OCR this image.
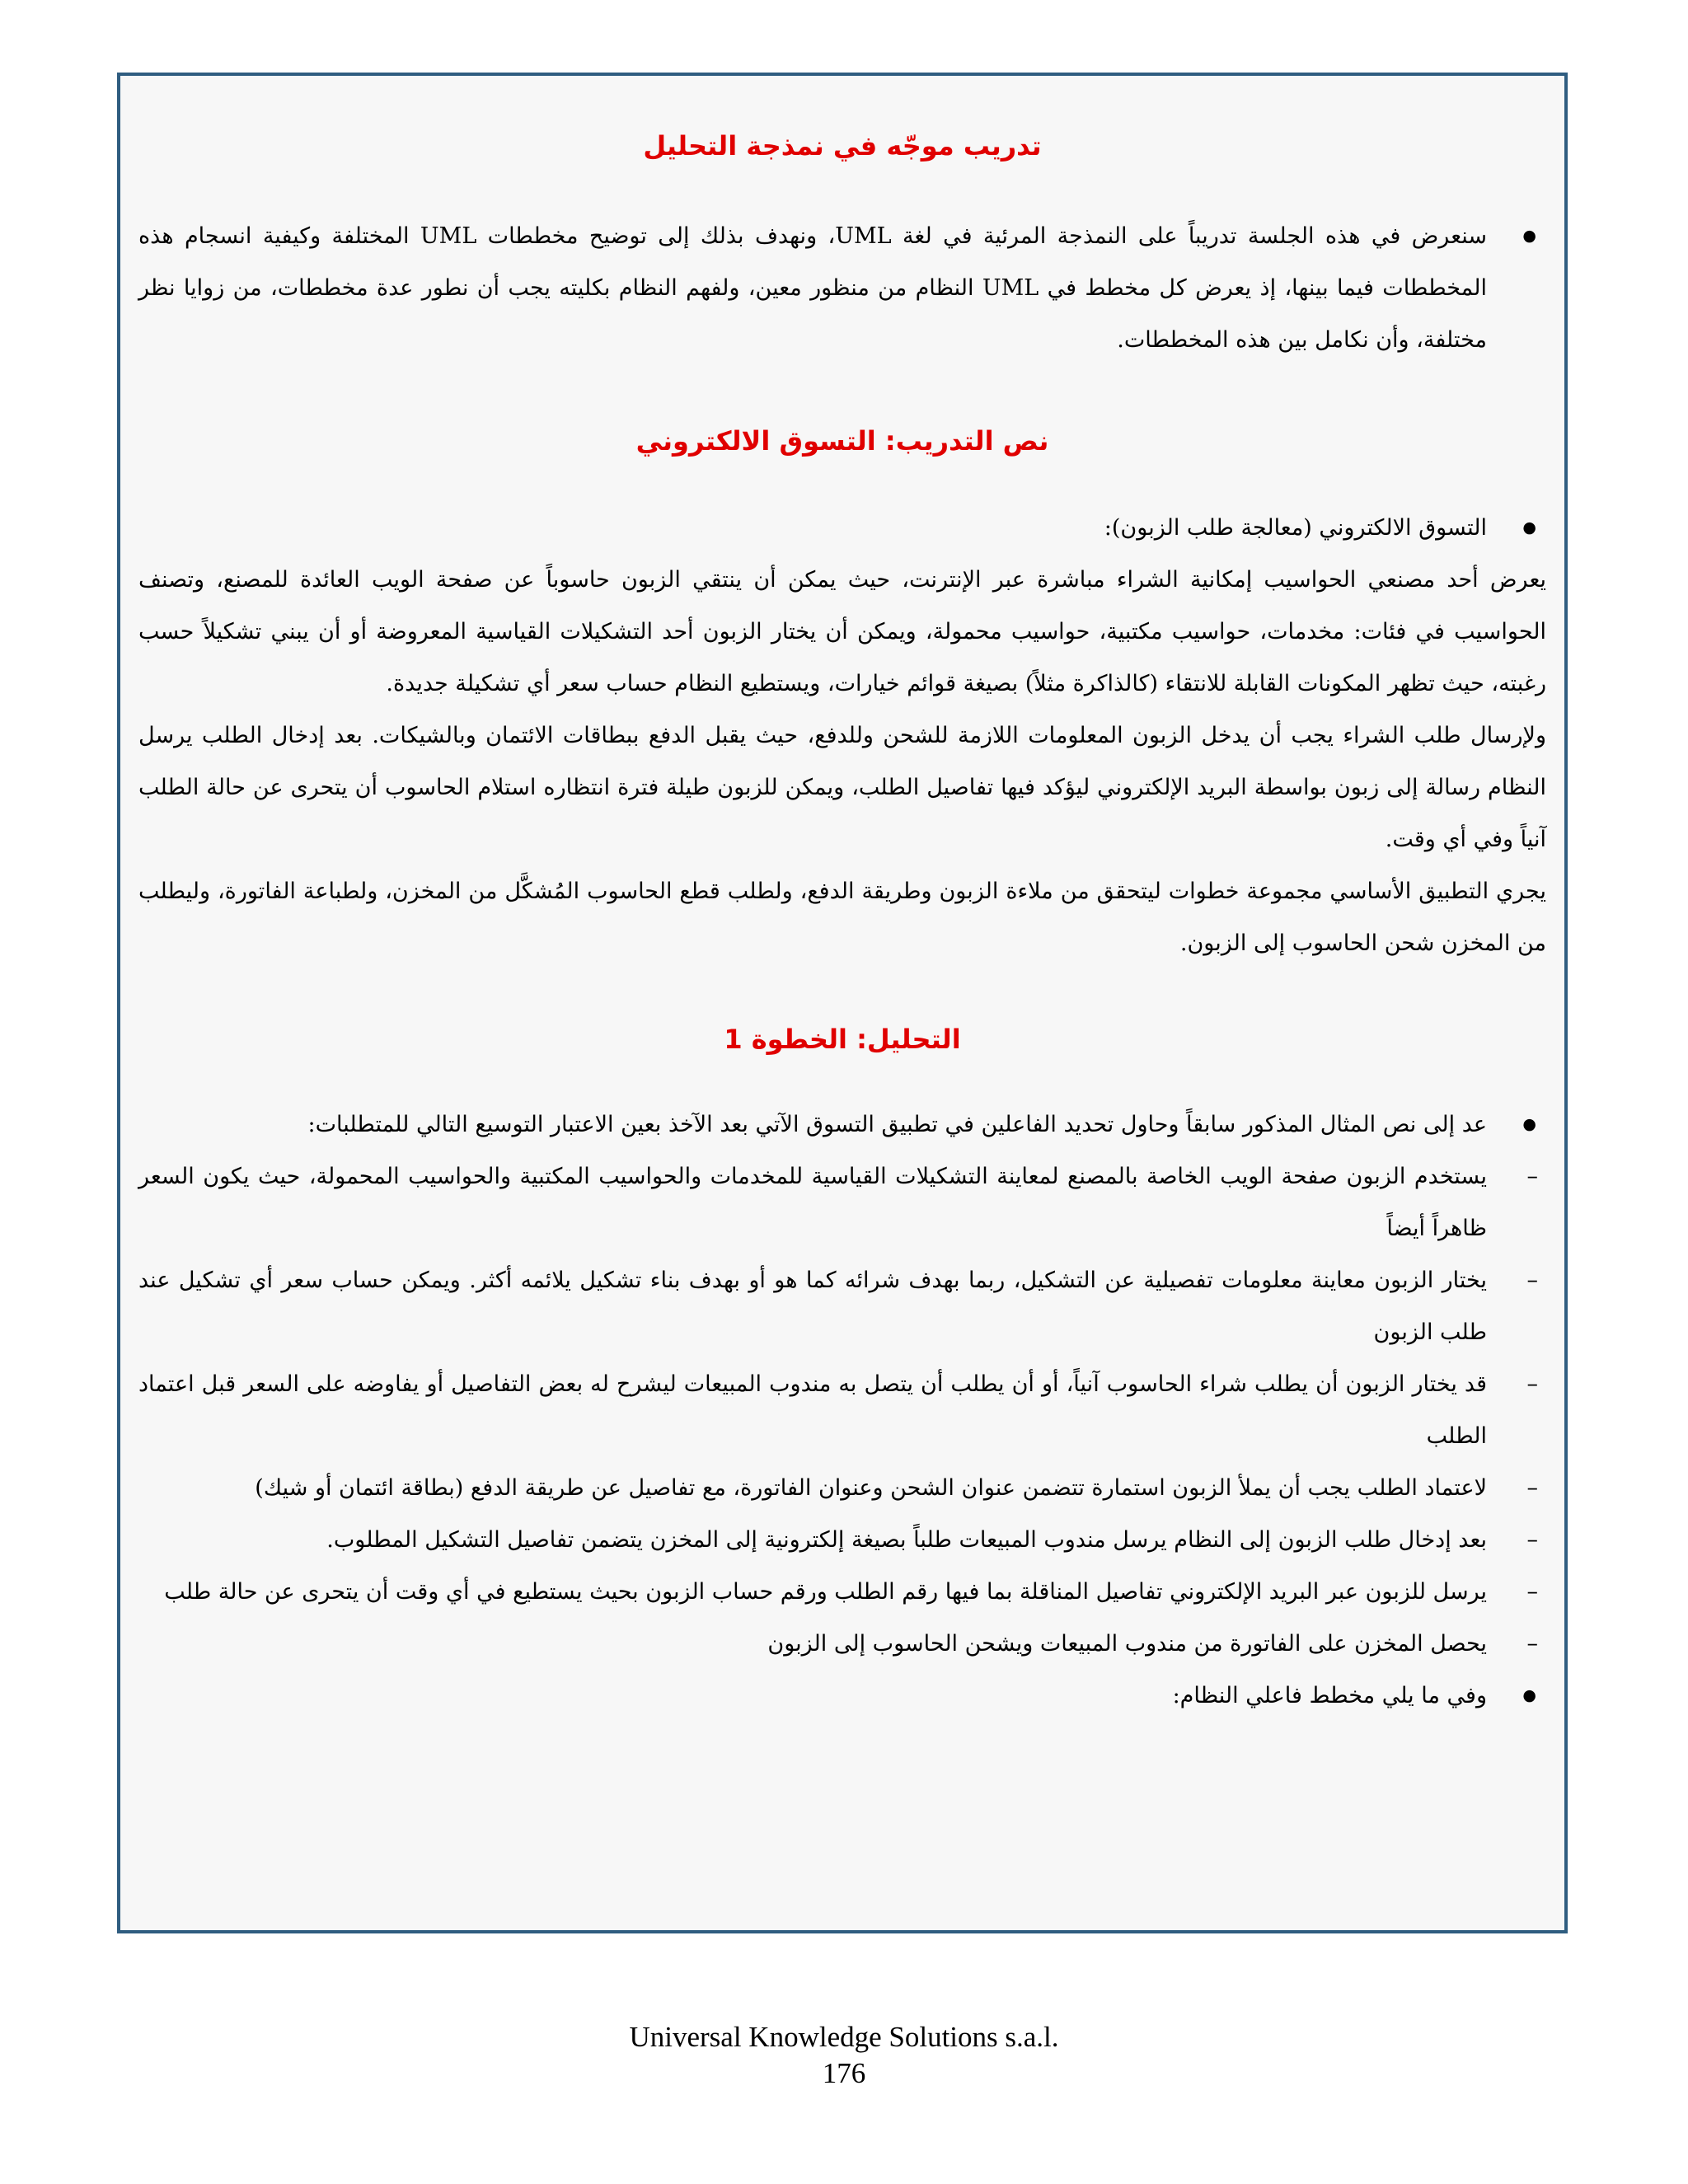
تدريب موجّه في نمذجة التحليل
● سنعرض في هذه الجلسة تدريباً على النمذجة المرئية في لغة UML، ونهدف بذلك إلى توضيح مخططات UML المختلفة وكيفية انسجام هذه المخططات فيما بينها، إذ يعرض كل مخطط في UML النظام من منظور معين، ولفهم النظام بكليته يجب أن نطور عدة مخططات، من زوايا نظر مختلفة، وأن نكامل بين هذه المخططات.
نص التدريب: التسوق الالكتروني
● التسوق الالكتروني (معالجة طلب الزبون):

يعرض أحد مصنعي الحواسيب إمكانية الشراء مباشرة عبر الإنترنت، حيث يمكن أن ينتقي الزبون حاسوباً عن صفحة الويب العائدة للمصنع، وتصنف الحواسيب في فئات: مخدمات، حواسيب مكتبية، حواسيب محمولة، ويمكن أن يختار الزبون أحد التشكيلات القياسية المعروضة أو أن يبني تشكيلاً حسب رغبته، حيث تظهر المكونات القابلة للانتقاء (كالذاكرة مثلاً) بصيغة قوائم خيارات، ويستطيع النظام حساب سعر أي تشكيلة جديدة.

ولإرسال طلب الشراء يجب أن يدخل الزبون المعلومات اللازمة للشحن وللدفع، حيث يقبل الدفع ببطاقات الائتمان وبالشيكات. بعد إدخال الطلب يرسل النظام رسالة إلى زبون بواسطة البريد الإلكتروني ليؤكد فيها تفاصيل الطلب، ويمكن للزبون طيلة فترة انتظاره استلام الحاسوب أن يتحرى عن حالة الطلب آنياً وفي أي وقت.

يجري التطبيق الأساسي مجموعة خطوات ليتحقق من ملاءة الزبون وطريقة الدفع، ولطلب قطع الحاسوب المُشكَّل من المخزن، ولطباعة الفاتورة، وليطلب من المخزن شحن الحاسوب إلى الزبون.

التحليل: الخطوة 1
● عد إلى نص المثال المذكور سابقاً وحاول تحديد الفاعلين في تطبيق التسوق الآتي بعد الآخذ بعين الاعتبار التوسيع التالي للمتطلبات:
– يستخدم الزبون صفحة الويب الخاصة بالمصنع لمعاينة التشكيلات القياسية للمخدمات والحواسيب المكتبية والحواسيب المحمولة، حيث يكون السعر ظاهراً أيضاً
– يختار الزبون معاينة معلومات تفصيلية عن التشكيل، ربما بهدف شرائه كما هو أو بهدف بناء تشكيل يلائمه أكثر. ويمكن حساب سعر أي تشكيل عند طلب الزبون
– قد يختار الزبون أن يطلب شراء الحاسوب آنياً، أو أن يطلب أن يتصل به مندوب المبيعات ليشرح له بعض التفاصيل أو يفاوضه على السعر قبل اعتماد الطلب
– لاعتماد الطلب يجب أن يملأ الزبون استمارة تتضمن عنوان الشحن وعنوان الفاتورة، مع تفاصيل عن طريقة الدفع (بطاقة ائتمان أو شيك)
– بعد إدخال طلب الزبون إلى النظام يرسل مندوب المبيعات طلباً بصيغة إلكترونية إلى المخزن يتضمن تفاصيل التشكيل المطلوب.
– يرسل للزبون عبر البريد الإلكتروني تفاصيل المناقلة بما فيها رقم الطلب ورقم حساب الزبون بحيث يستطيع في أي وقت أن يتحرى عن حالة طلب
– يحصل المخزن على الفاتورة من مندوب المبيعات ويشحن الحاسوب إلى الزبون
● وفي ما يلي مخطط فاعلي النظام:
Universal Knowledge Solutions s.a.l.
176
